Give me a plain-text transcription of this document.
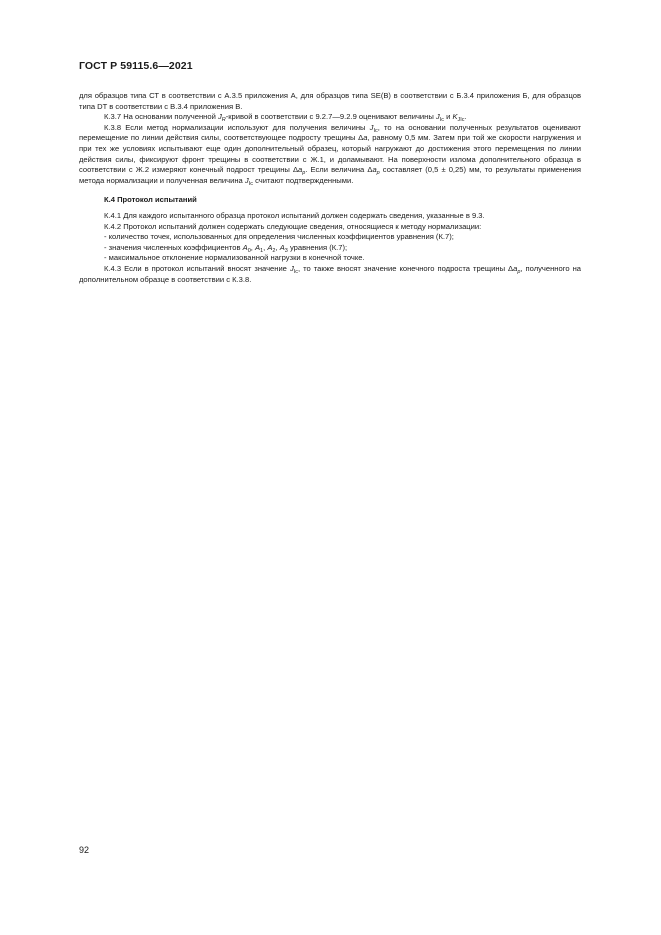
ГОСТ Р 59115.6—2021

для образцов типа СТ в соответствии с А.3.5 приложения А, для образцов типа SE(B) в соответствии с Б.3.4 приложения Б, для образцов типа DT в соответствии с В.3.4 приложения В.

К.3.7 На основании полученной $J_R$-кривой в соответствии с 9.2.7—9.2.9 оценивают величины $J_{Ic}$ и $K_{JIc}$.

К.3.8 Если метод нормализации используют для получения величины $J_{Ic}$, то на основании полученных результатов оценивают перемещение по линии действия силы, соответствующее подросту трещины Δa, равному 0,5 мм. Затем при той же скорости нагружения и при тех же условиях испытывают еще один дополнительный образец, который нагружают до достижения этого перемещения по линии действия силы, фиксируют фронт трещины в соответствии с Ж.1, и доламывают. На поверхности излома дополнительного образца в соответствии с Ж.2 измеряют конечный подрост трещины $\Delta a_p$. Если величина $\Delta a_p$ составляет (0,5 ± 0,25) мм, то результаты применения метода нормализации и полученная величина $J_{Ic}$ считают подтвержденными.

К.4 Протокол испытаний

К.4.1 Для каждого испытанного образца протокол испытаний должен содержать сведения, указанные в 9.3.

К.4.2 Протокол испытаний должен содержать следующие сведения, относящиеся к методу нормализации:

- количество точек, использованных для определения численных коэффициентов уравнения (К.7);

- значения численных коэффициентов $A_0$, $A_1$, $A_2$, $A_3$ уравнения (К.7);

- максимальное отклонение нормализованной нагрузки в конечной точке.

К.4.3 Если в протокол испытаний вносят значение $J_{Ic}$, то также вносят значение конечного подроста трещины $\Delta a_p$, полученного на дополнительном образце в соответствии с К.3.8.

92
